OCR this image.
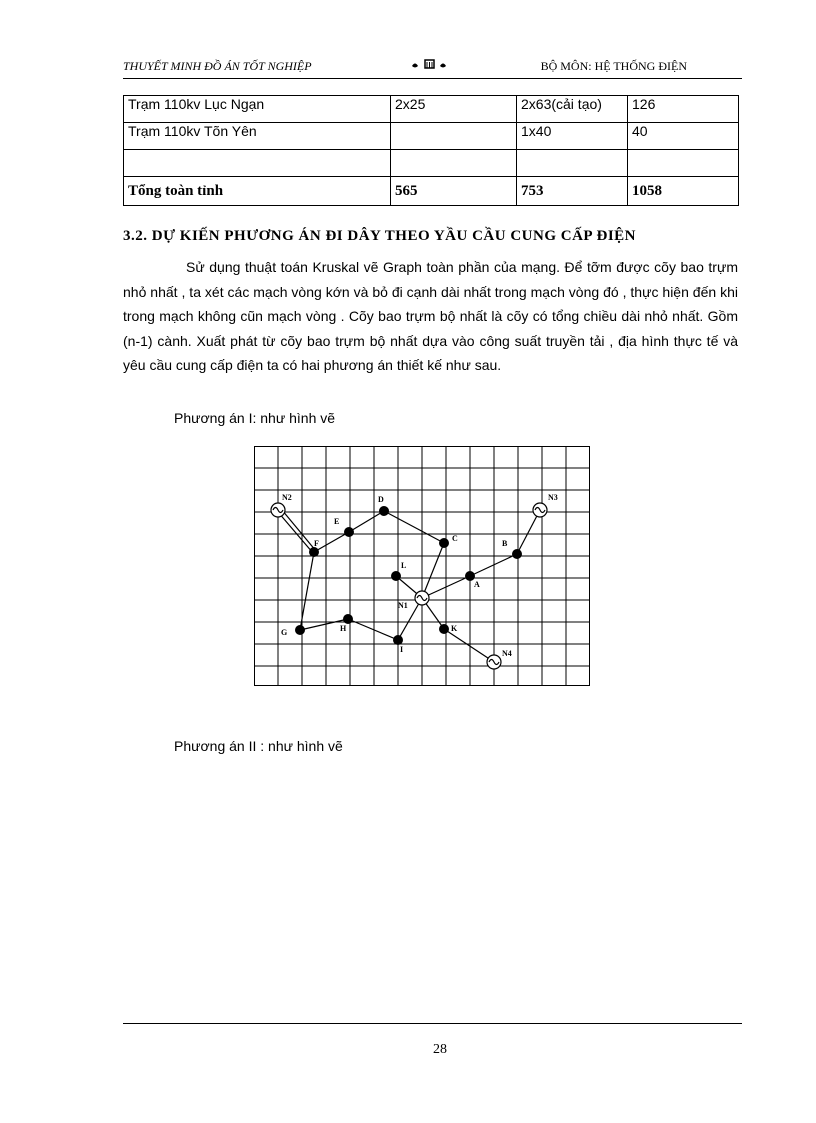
THUYẾT MINH ĐỒ ÁN TỐT NGHIỆP	BỘ MÔN: HỆ THỐNG ĐIỆN
Trạm 110kv Lục Ngạn	2x25	2x63(cải tạo)	126
Trạm 110kv Tõn Yên		1x40	40

Tổng toàn tỉnh	565	753	1058
3.2. DỰ KIẾN PHƯƠNG ÁN ĐI DÂY THEO YẦU CẦU CUNG CẤP ĐIỆN
Sử dụng thuật toán Kruskal vẽ Graph toàn phần của mạng. Để tỡm được cõy bao trựm nhỏ nhất , ta xét các mạch vòng kớn và bỏ đi cạnh dài nhất trong mạch vòng đó , thực hiện đến khi trong mạch không cũn mạch vòng . Cõy bao trựm bộ nhất là cõy có tổng chiều dài nhỏ nhất. Gồm (n-1) cành. Xuất phát từ cõy bao trựm bộ nhất dựa vào công suất truyền tải , địa hình thực tế và yêu cầu cung cấp điện ta có hai phương án thiết kế như sau.
Phương án I: như hình vẽ
N2	D	N3
E
F
C
B
L
A
N1
H
G
I
K
N4
Phương án II : như hình vẽ
28
